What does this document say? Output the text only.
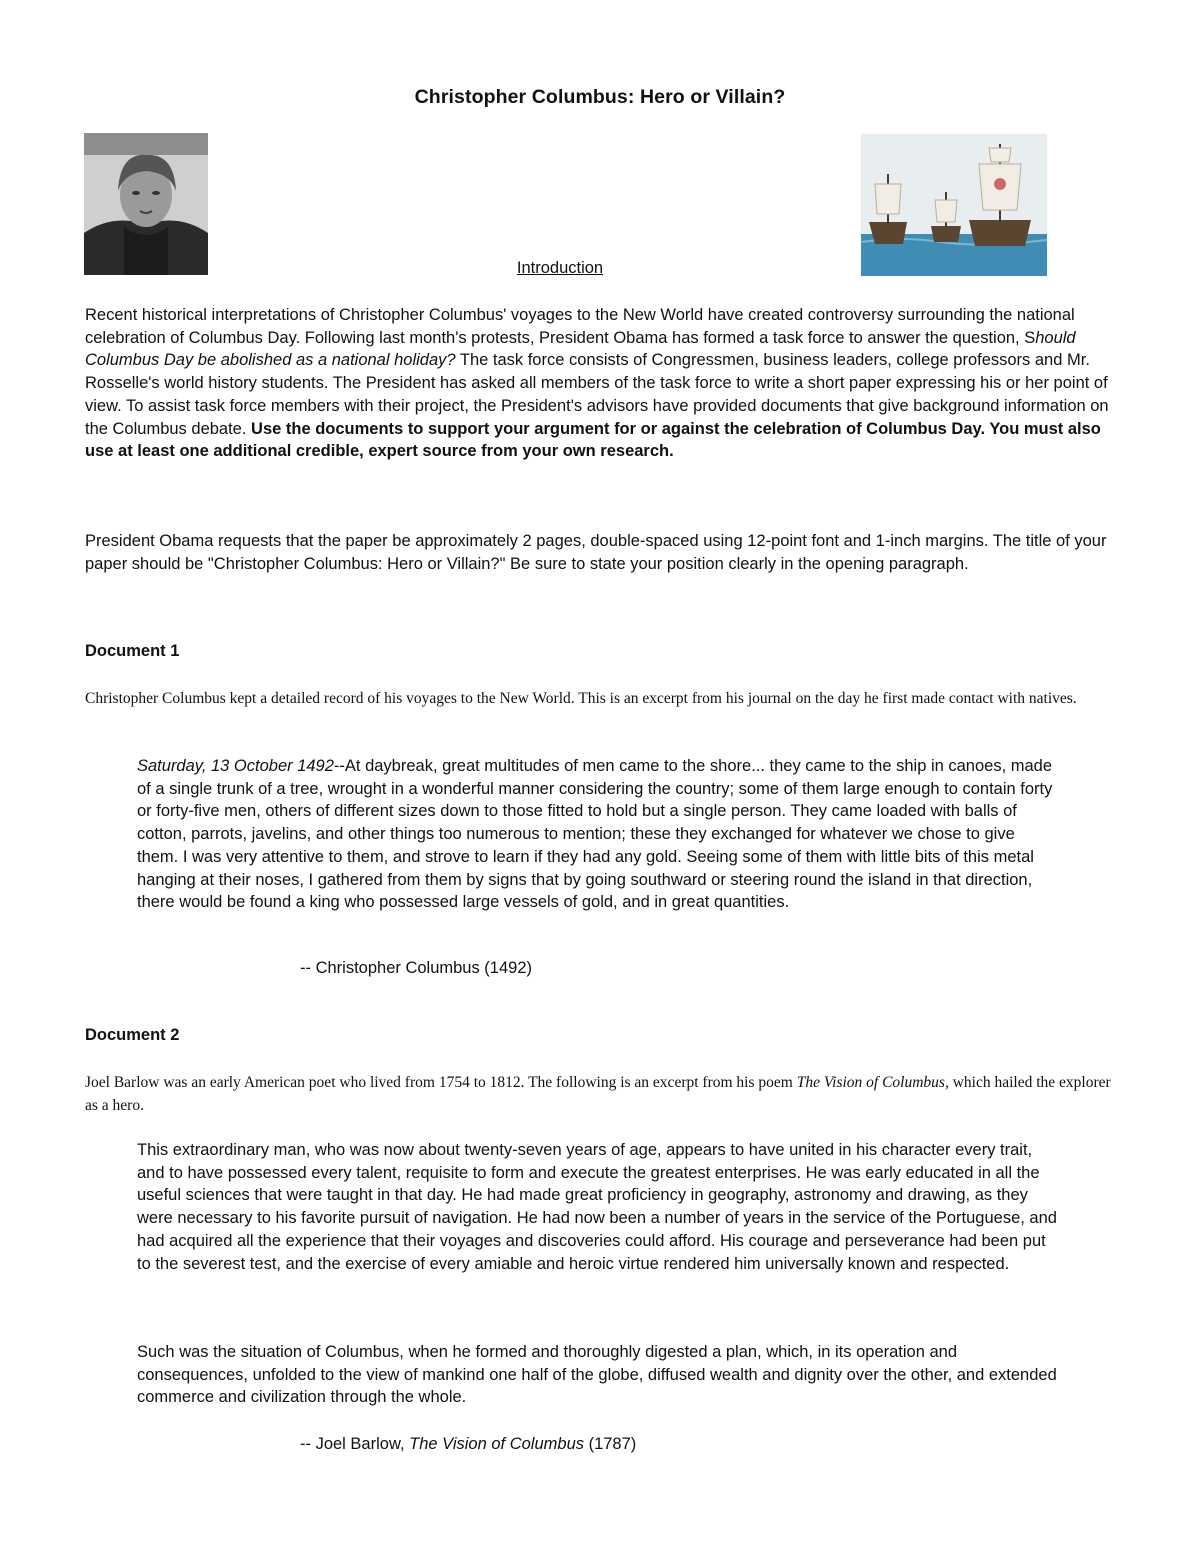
Christopher Columbus: Hero or Villain?
Introduction
Recent historical interpretations of Christopher Columbus' voyages to the New World have created controversy surrounding the national celebration of Columbus Day. Following last month's protests, President Obama has formed a task force to answer the question, Should Columbus Day be abolished as a national holiday? The task force consists of Congressmen, business leaders, college professors and Mr. Rosselle's world history students. The President has asked all members of the task force to write a short paper expressing his or her point of view. To assist task force members with their project, the President's advisors have provided documents that give background information on the Columbus debate. Use the documents to support your argument for or against the celebration of Columbus Day. You must also use at least one additional credible, expert source from your own research.
President Obama requests that the paper be approximately 2 pages, double-spaced using 12-point font and 1-inch margins. The title of your paper should be "Christopher Columbus: Hero or Villain?" Be sure to state your position clearly in the opening paragraph.
Document 1
Christopher Columbus kept a detailed record of his voyages to the New World. This is an excerpt from his journal on the day he first made contact with natives.
Saturday, 13 October 1492--At daybreak, great multitudes of men came to the shore... they came to the ship in canoes, made of a single trunk of a tree, wrought in a wonderful manner considering the country; some of them large enough to contain forty or forty-five men, others of different sizes down to those fitted to hold but a single person. They came loaded with balls of cotton, parrots, javelins, and other things too numerous to mention; these they exchanged for whatever we chose to give them. I was very attentive to them, and strove to learn if they had any gold. Seeing some of them with little bits of this metal hanging at their noses, I gathered from them by signs that by going southward or steering round the island in that direction, there would be found a king who possessed large vessels of gold, and in great quantities.
-- Christopher Columbus (1492)
Document 2
Joel Barlow was an early American poet who lived from 1754 to 1812. The following is an excerpt from his poem The Vision of Columbus, which hailed the explorer as a hero.
This extraordinary man, who was now about twenty-seven years of age, appears to have united in his character every trait, and to have possessed every talent, requisite to form and execute the greatest enterprises. He was early educated in all the useful sciences that were taught in that day. He had made great proficiency in geography, astronomy and drawing, as they were necessary to his favorite pursuit of navigation. He had now been a number of years in the service of the Portuguese, and had acquired all the experience that their voyages and discoveries could afford. His courage and perseverance had been put to the severest test, and the exercise of every amiable and heroic virtue rendered him universally known and respected.
Such was the situation of Columbus, when he formed and thoroughly digested a plan, which, in its operation and consequences, unfolded to the view of mankind one half of the globe, diffused wealth and dignity over the other, and extended commerce and civilization through the whole.
-- Joel Barlow, The Vision of Columbus (1787)
